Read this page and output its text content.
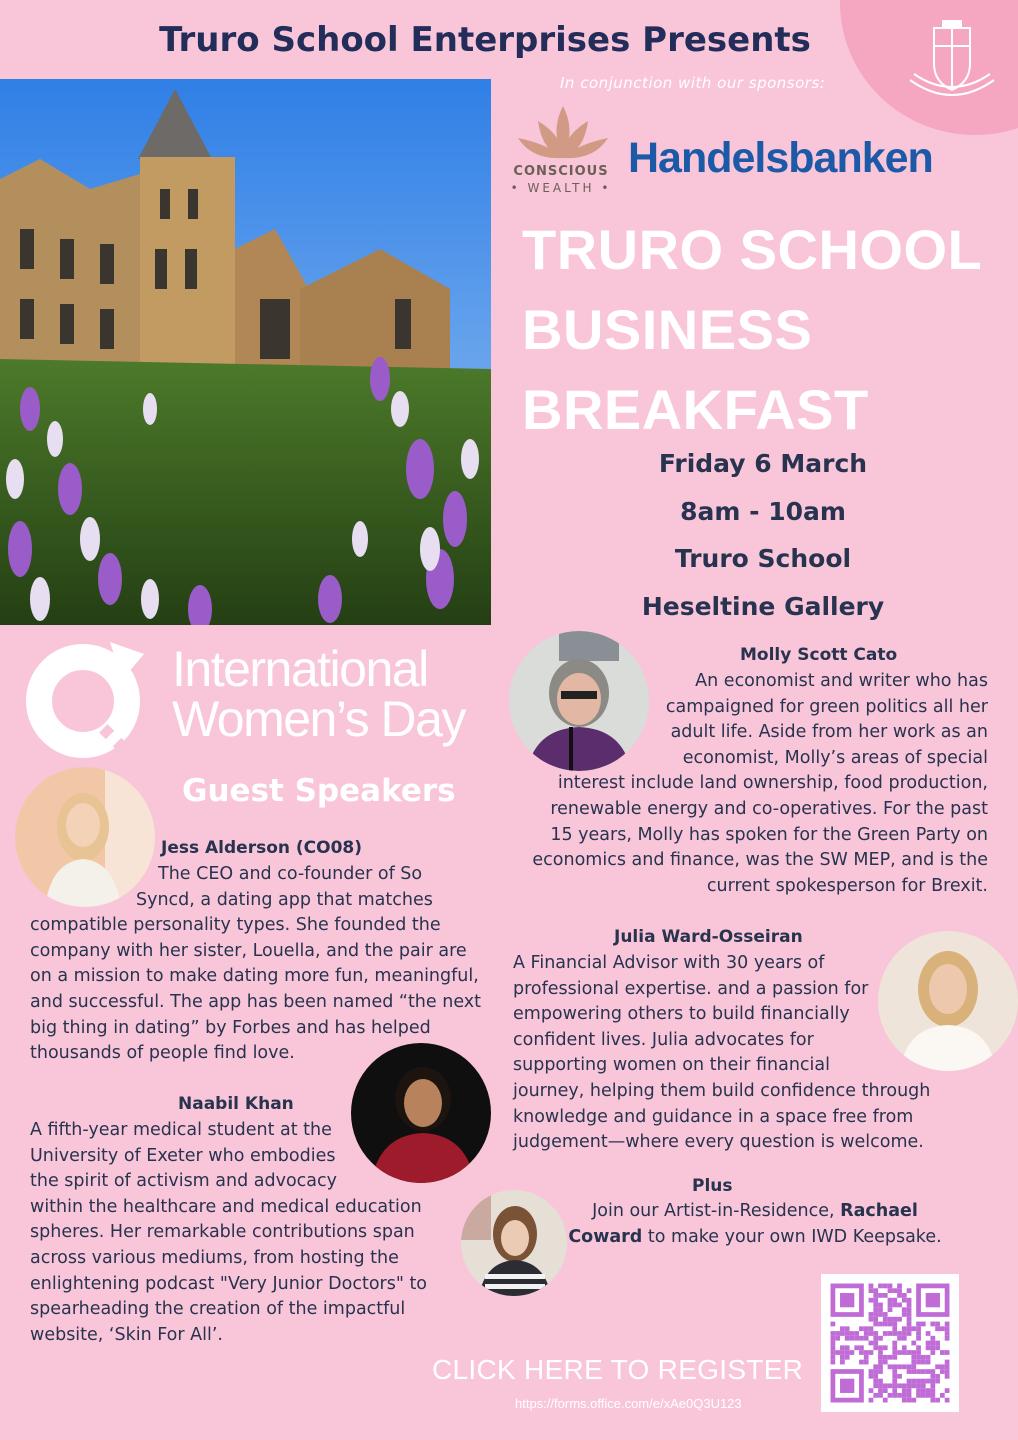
Truro School Enterprises Presents
In conjunction with our sponsors:
CONSCIOUS
• WEALTH •
Handelsbanken
TRURO SCHOOL
BUSINESS
BREAKFAST
Friday 6 March
8am - 10am
Truro School
Heseltine Gallery
International
Women’s Day
Guest Speakers
Molly Scott Cato
An economist and writer who has
campaigned for green politics all her
adult life. Aside from her work as an
economist, Molly’s areas of special
interest include land ownership, food production,
renewable energy and co-operatives. For the past
15 years, Molly has spoken for the Green Party on
economics and finance, was the SW MEP, and is the
current spokesperson for Brexit.
Jess Alderson (CO08)
The CEO and co-founder of So
Syncd, a dating app that matches
compatible personality types. She founded the
company with her sister, Louella, and the pair are
on a mission to make dating more fun, meaningful,
and successful. The app has been named “the next
big thing in dating” by Forbes and has helped
thousands of people find love.
Julia Ward-Osseiran
A Financial Advisor with 30 years of
professional expertise. and a passion for
empowering others to build financially
confident lives. Julia advocates for
supporting women on their financial
journey, helping them build confidence through
knowledge and guidance in a space free from
judgement—where every question is welcome.
Naabil Khan
A fifth-year medical student at the
University of Exeter who embodies
the spirit of activism and advocacy
within the healthcare and medical education
spheres. Her remarkable contributions span
across various mediums, from hosting the
enlightening podcast "Very Junior Doctors" to
spearheading the creation of the impactful
website, ‘Skin For All’.
Plus
Join our Artist-in-Residence, Rachael
Coward to make your own IWD Keepsake.
CLICK HERE TO REGISTER
https://forms.office.com/e/xAe0Q3U123
